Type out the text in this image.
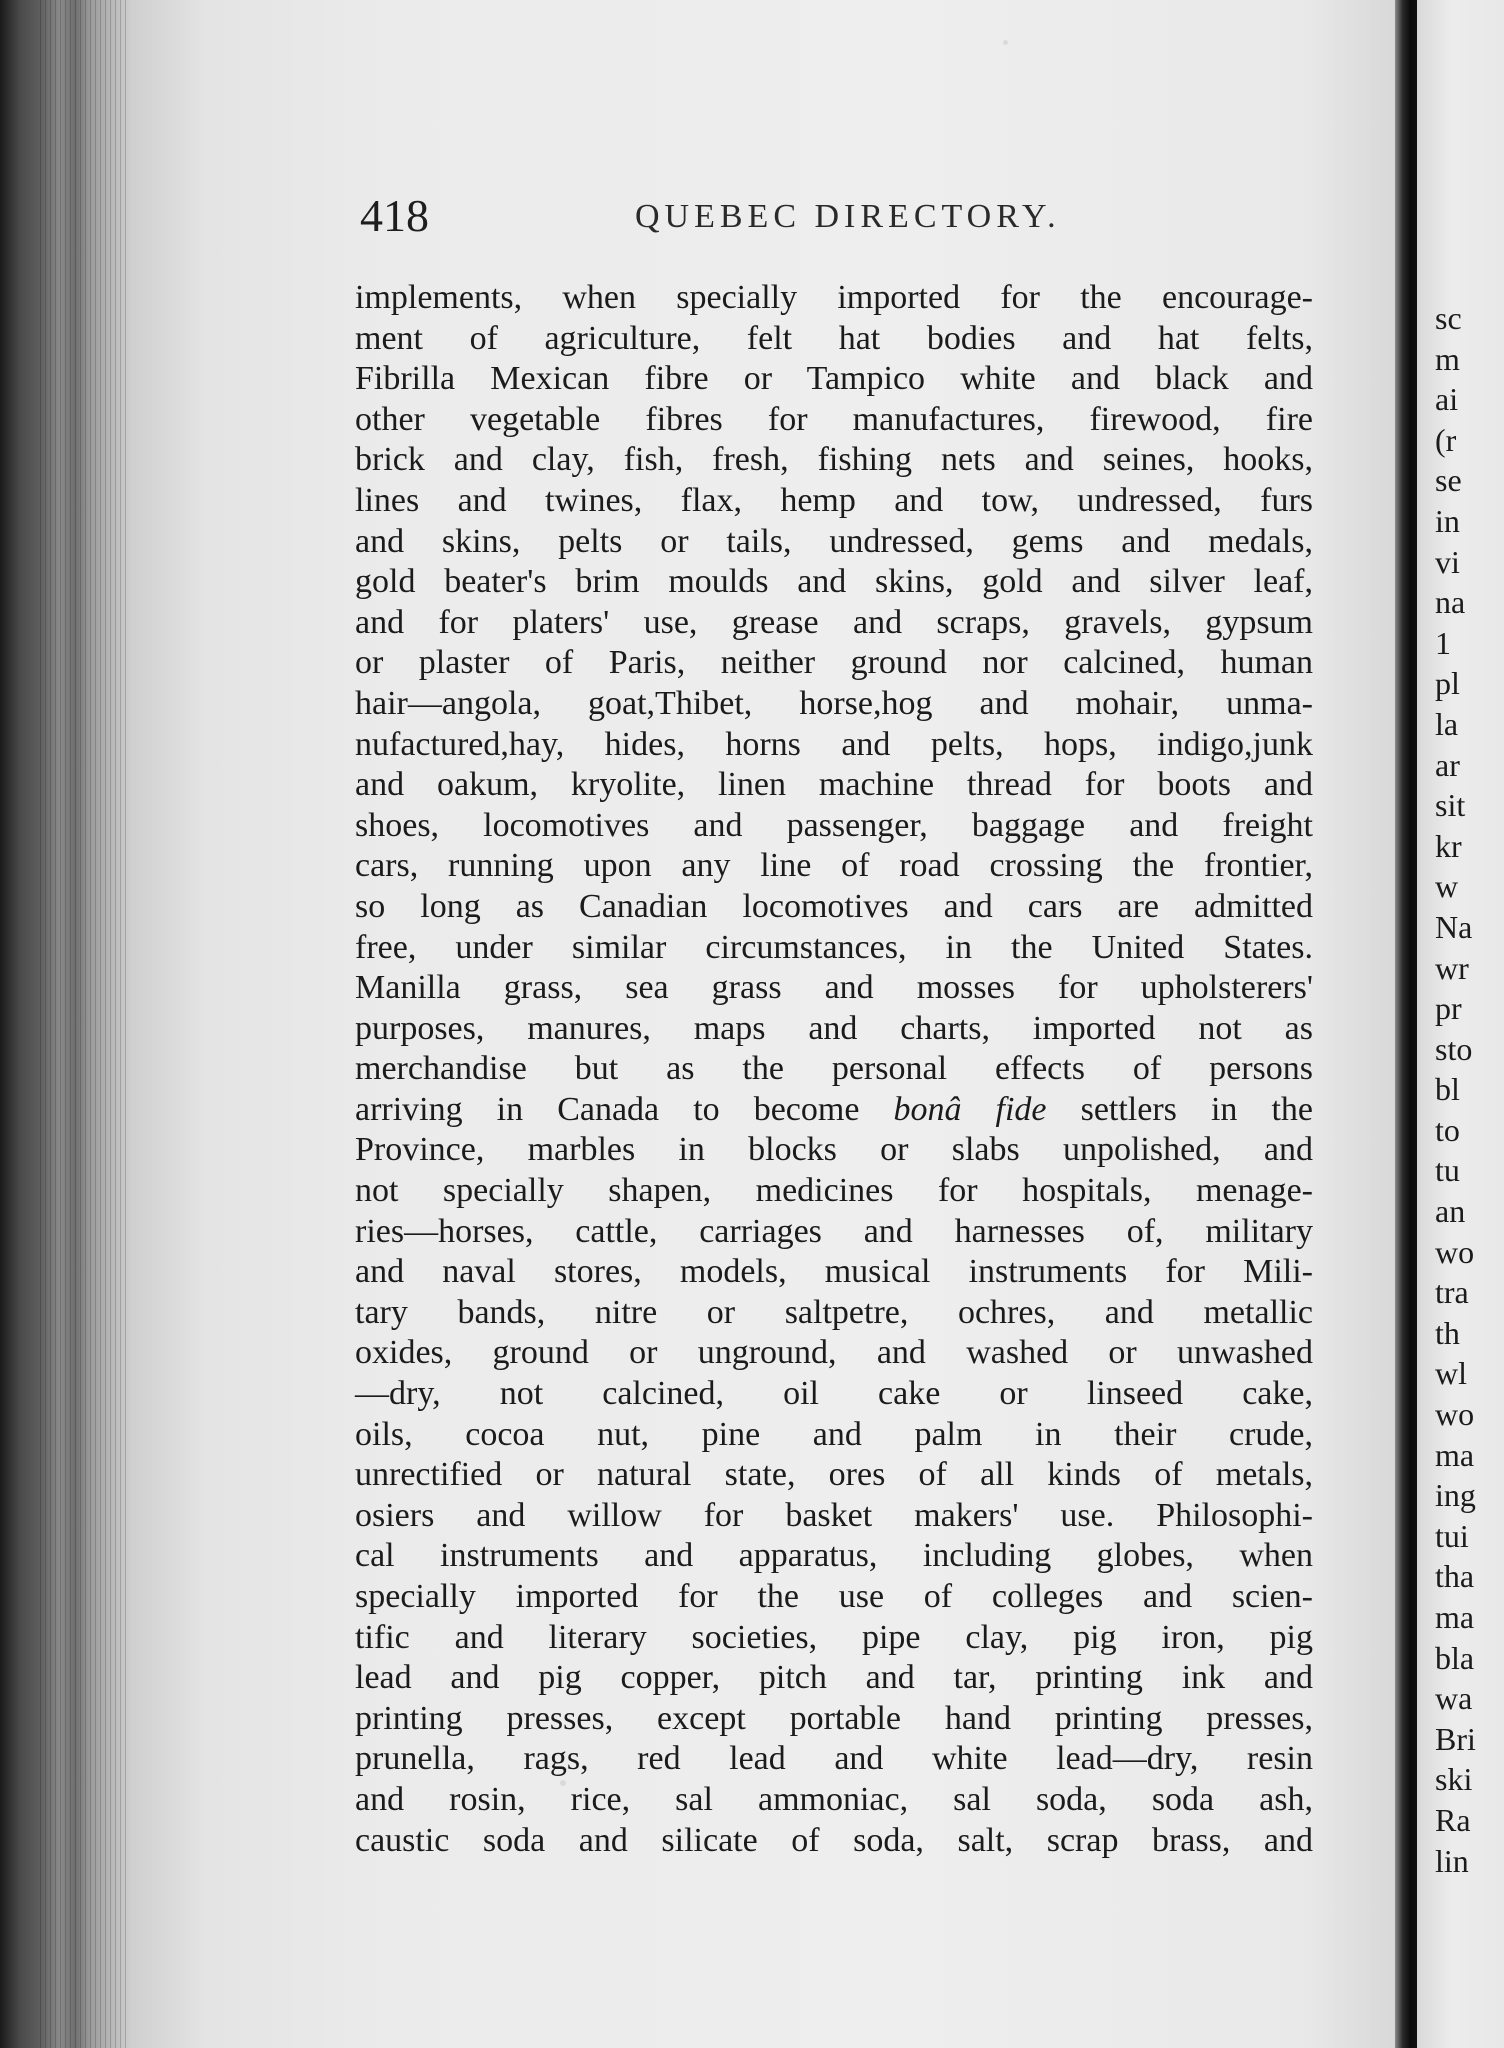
418	QUEBEC DIRECTORY.
implements, when specially imported for the encourage-
ment of agriculture, felt hat bodies and hat felts,
Fibrilla Mexican fibre or Tampico white and black and
other vegetable fibres for manufactures, firewood, fire
brick and clay, fish, fresh, fishing nets and seines, hooks,
lines and twines, flax, hemp and tow, undressed, furs
and skins, pelts or tails, undressed, gems and medals,
gold beater's brim moulds and skins, gold and silver leaf,
and for platers' use, grease and scraps, gravels, gypsum
or plaster of Paris, neither ground nor calcined, human
hair—angola, goat,Thibet, horse,hog and mohair, unma-
nufactured,hay, hides, horns and pelts, hops, indigo,junk
and oakum, kryolite, linen machine thread for boots and
shoes, locomotives and passenger, baggage and freight
cars, running upon any line of road crossing the frontier,
so long as Canadian locomotives and cars are admitted
free, under similar circumstances, in the United States.
Manilla grass, sea grass and mosses for upholsterers'
purposes, manures, maps and charts, imported not as
merchandise but as the personal effects of persons
arriving in Canada to become bonâ fide settlers in the
Province, marbles in blocks or slabs unpolished, and
not specially shapen, medicines for hospitals, menage-
ries—horses, cattle, carriages and harnesses of, military
and naval stores, models, musical instruments for Mili-
tary bands, nitre or saltpetre, ochres, and metallic
oxides, ground or unground, and washed or unwashed
—dry, not calcined, oil cake or linseed cake,
oils, cocoa nut, pine and palm in their crude,
unrectified or natural state, ores of all kinds of metals,
osiers and willow for basket makers' use. Philosophi-
cal instruments and apparatus, including globes, when
specially imported for the use of colleges and scien-
tific and literary societies, pipe clay, pig iron, pig
lead and pig copper, pitch and tar, printing ink and
printing presses, except portable hand printing presses,
prunella, rags, red lead and white lead—dry, resin
and rosin, rice, sal ammoniac, sal soda, soda ash,
caustic soda and silicate of soda, salt, scrap brass, and
sc
m
ai
(r
se
in
vi
na
1
pl
la
ar
sit
kr
w
Na
wr
pr
sto
bl
to
tu
an
wo
tra
th
wl
wo
ma
ing
tui
tha
ma
bla
wa
Bri
ski
Ra
lin
